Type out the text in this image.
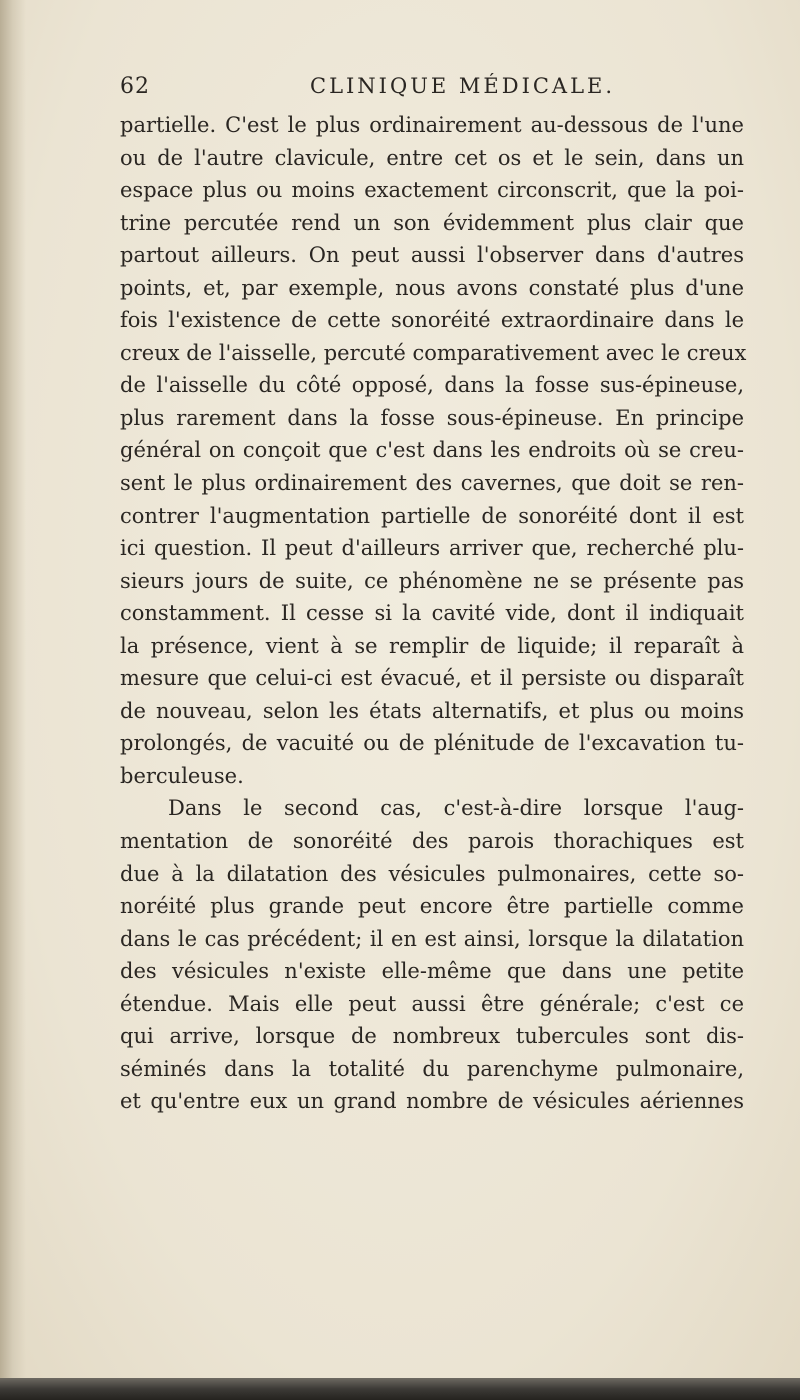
62	CLINIQUE MÉDICALE.
partielle. C'est le plus ordinairement au-dessous de l'une
ou de l'autre clavicule, entre cet os et le sein, dans un
espace plus ou moins exactement circonscrit, que la poi-
trine percutée rend un son évidemment plus clair que
partout ailleurs. On peut aussi l'observer dans d'autres
points, et, par exemple, nous avons constaté plus d'une
fois l'existence de cette sonoréité extraordinaire dans le
creux de l'aisselle, percuté comparativement avec le creux
de l'aisselle du côté opposé, dans la fosse sus-épineuse,
plus rarement dans la fosse sous-épineuse. En principe
général on conçoit que c'est dans les endroits où se creu-
sent le plus ordinairement des cavernes, que doit se ren-
contrer l'augmentation partielle de sonoréité dont il est
ici question. Il peut d'ailleurs arriver que, recherché plu-
sieurs jours de suite, ce phénomène ne se présente pas
constamment. Il cesse si la cavité vide, dont il indiquait
la présence, vient à se remplir de liquide; il reparaît à
mesure que celui-ci est évacué, et il persiste ou disparaît
de nouveau, selon les états alternatifs, et plus ou moins
prolongés, de vacuité ou de plénitude de l'excavation tu-
berculeuse.
Dans le second cas, c'est-à-dire lorsque l'aug-
mentation de sonoréité des parois thorachiques est
due à la dilatation des vésicules pulmonaires, cette so-
noréité plus grande peut encore être partielle comme
dans le cas précédent; il en est ainsi, lorsque la dilatation
des vésicules n'existe elle-même que dans une petite
étendue. Mais elle peut aussi être générale; c'est ce
qui arrive, lorsque de nombreux tubercules sont dis-
séminés dans la totalité du parenchyme pulmonaire,
et qu'entre eux un grand nombre de vésicules aériennes
